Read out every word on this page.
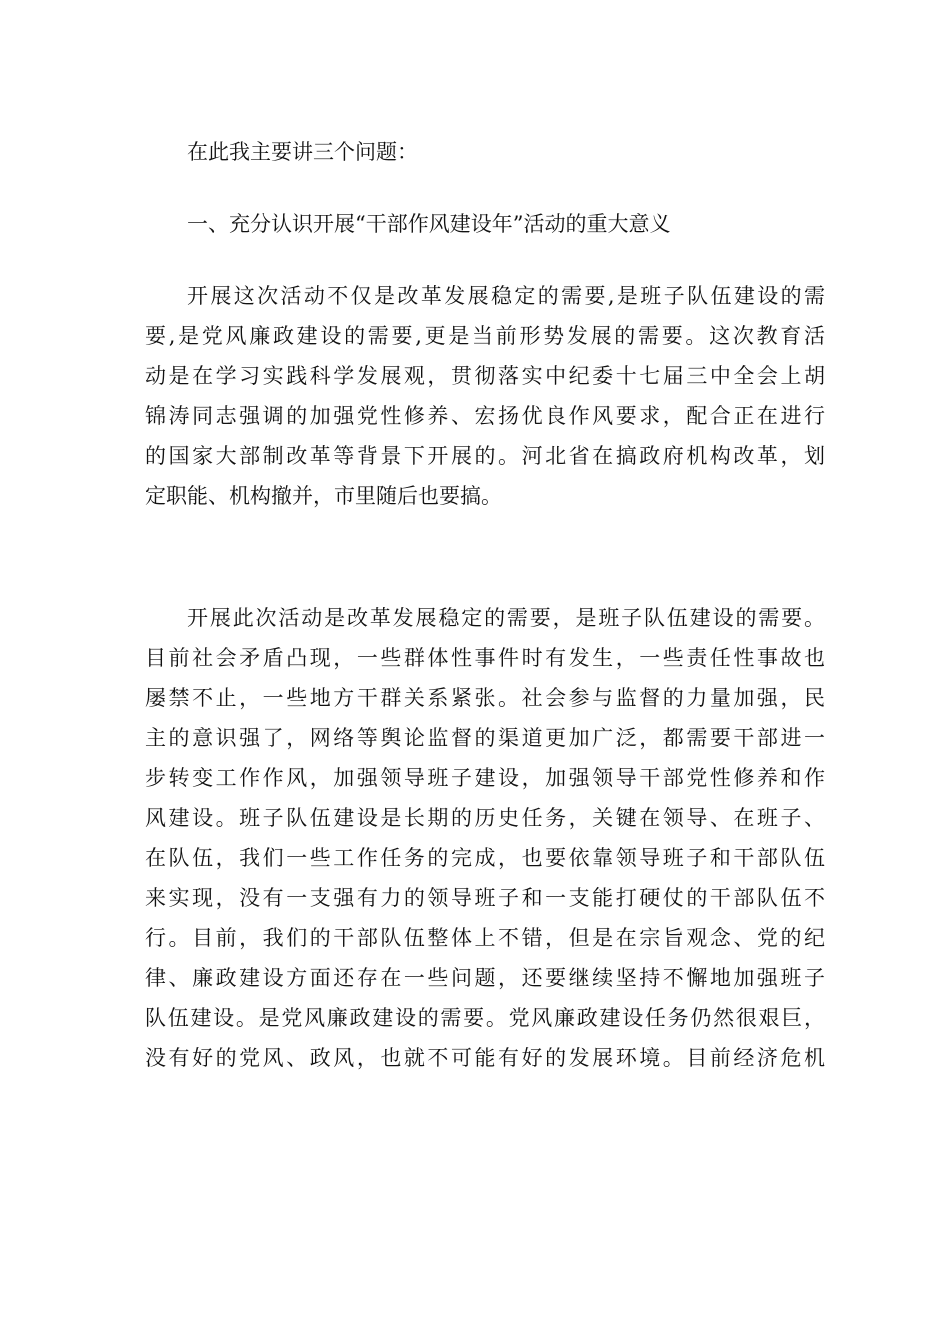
在此我主要讲三个问题：
一、充分认识开展“干部作风建设年”活动的重大意义
开展这次活动不仅是改革发展稳定的需要,是班子队伍建设的需
要,是党风廉政建设的需要,更是当前形势发展的需要。这次教育活
动是在学习实践科学发展观，贯彻落实中纪委十七届三中全会上胡
锦涛同志强调的加强党性修养、宏扬优良作风要求，配合正在进行
的国家大部制改革等背景下开展的。河北省在搞政府机构改革，划
定职能、机构撤并，市里随后也要搞。
开展此次活动是改革发展稳定的需要，是班子队伍建设的需要。
目前社会矛盾凸现，一些群体性事件时有发生，一些责任性事故也
屡禁不止，一些地方干群关系紧张。社会参与监督的力量加强，民
主的意识强了，网络等舆论监督的渠道更加广泛，都需要干部进一
步转变工作作风，加强领导班子建设，加强领导干部党性修养和作
风建设。班子队伍建设是长期的历史任务，关键在领导、在班子、
在队伍，我们一些工作任务的完成，也要依靠领导班子和干部队伍
来实现，没有一支强有力的领导班子和一支能打硬仗的干部队伍不
行。目前，我们的干部队伍整体上不错，但是在宗旨观念、党的纪
律、廉政建设方面还存在一些问题，还要继续坚持不懈地加强班子
队伍建设。是党风廉政建设的需要。党风廉政建设任务仍然很艰巨，
没有好的党风、政风，也就不可能有好的发展环境。目前经济危机
